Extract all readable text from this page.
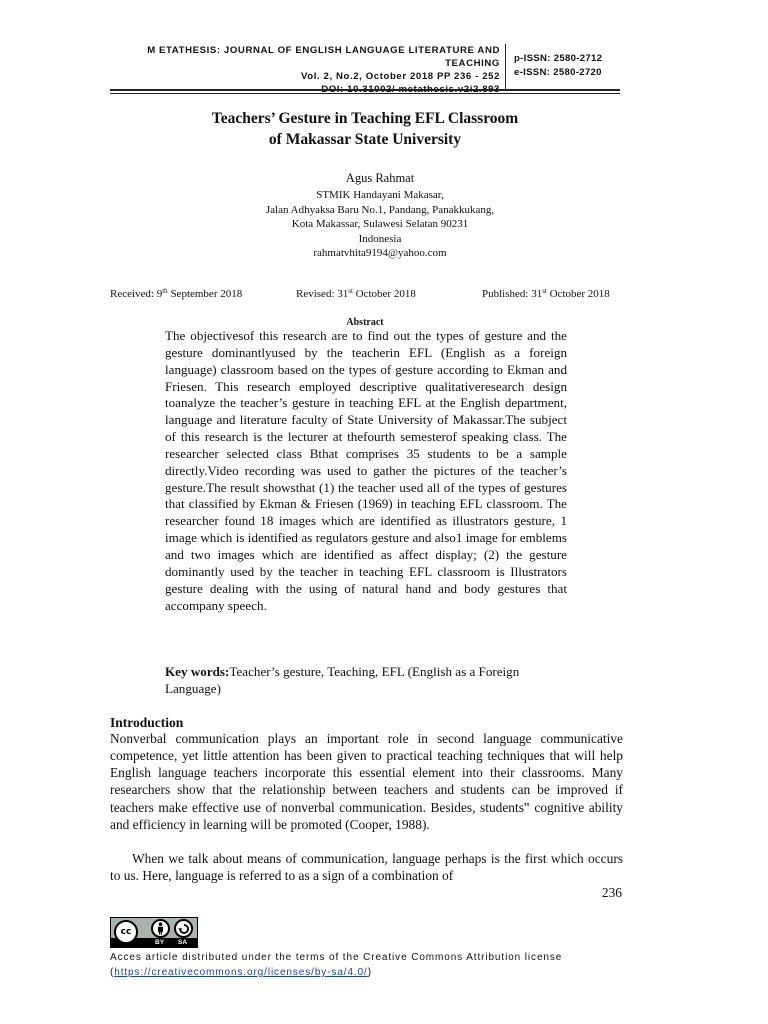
M ETATHESIS: JOURNAL OF ENGLISH LANGUAGE LITERATURE AND TEACHING
Vol. 2, No.2, October 2018 PP 236 - 252
p-ISSN: 2580-2712
e-ISSN: 2580-2720
Teachers’ Gesture in Teaching EFL Classroom
of Makassar State University
Agus Rahmat
STMIK Handayani Makasar,
Jalan Adhyaksa Baru No.1, Pandang, Panakkukang,
Kota Makassar, Sulawesi Selatan 90231
Indonesia
rahmatvhita9194@yahoo.com
Received: 9th September 2018	Revised: 31st October 2018	Published: 31st October 2018
Abstract

The objectivesof this research are to find out the types of gesture and the gesture dominantlyused by the teacherin EFL (English as a foreign language) classroom based on the types of gesture according to Ekman and Friesen. This research employed descriptive qualitativeresearch design toanalyze the teacher’s gesture in teaching EFL at the English department, language and literature faculty of State University of Makassar.The subject of this research is the lecturer at thefourth semesterof speaking class. The researcher selected class Bthat comprises 35 students to be a sample directly.Video recording was used to gather the pictures of the teacher’s gesture.The result showsthat (1) the teacher used all of the types of gestures that classified by Ekman & Friesen (1969) in teaching EFL classroom. The researcher found 18 images which are identified as illustrators gesture, 1 image which is identified as regulators gesture and also1 image for emblems and two images which are identified as affect display; (2) the gesture dominantly used by the teacher in teaching EFL classroom is Illustrators gesture dealing with the using of natural hand and body gestures that accompany speech.

Key words:Teacher’s gesture, Teaching, EFL (English as a Foreign Language)

Introduction

Nonverbal communication plays an important role in second language communicative competence, yet little attention has been given to practical teaching techniques that will help English language teachers incorporate this essential element into their classrooms. Many researchers show that the relationship between teachers and students can be improved if teachers make effective use of nonverbal communication. Besides, students‟ cognitive ability and efficiency in learning will be promoted (Cooper, 1988).

When we talk about means of communication, language perhaps is the first which occurs to us. Here, language is referred to as a sign of a combination of

236
cc
BY SA
Acces article distributed under the terms of the Creative Commons Attribution license
(https://creativecommons.org/licenses/by-sa/4.0/)
